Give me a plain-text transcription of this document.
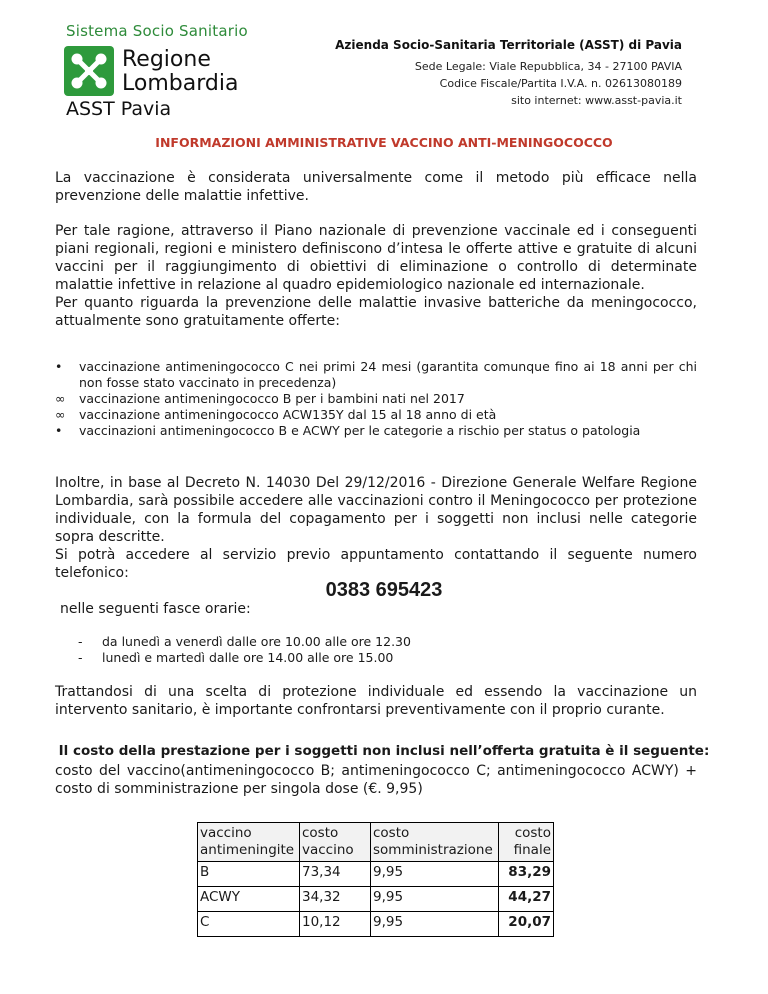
Sistema Socio Sanitario
Regione
Lombardia
ASST Pavia
Azienda Socio-Sanitaria Territoriale (ASST) di Pavia
Sede Legale: Viale Repubblica, 34 - 27100 PAVIA
Codice Fiscale/Partita I.V.A. n. 02613080189
sito internet: www.asst-pavia.it
INFORMAZIONI AMMINISTRATIVE VACCINO ANTI-MENINGOCOCCO
La vaccinazione è considerata universalmente come il metodo più efficace nella prevenzione delle malattie infettive.
Per tale ragione, attraverso il Piano nazionale di prevenzione vaccinale ed i conseguenti piani regionali, regioni e ministero definiscono d’intesa le offerte attive e gratuite di alcuni vaccini per il raggiungimento di obiettivi di eliminazione o controllo di determinate malattie infettive in relazione al quadro epidemiologico nazionale ed internazionale.
Per quanto riguarda la prevenzione delle malattie invasive batteriche da meningococco, attualmente sono gratuitamente offerte:
•	vaccinazione antimeningococco C nei primi 24 mesi (garantita comunque fino ai 18 anni per chi non fosse stato vaccinato in precedenza)
∞	vaccinazione antimeningococco B per i bambini nati nel 2017
∞	vaccinazione antimeningococco ACW135Y dal 15 al 18 anno di età
•	vaccinazioni antimeningococco B e ACWY per le categorie a rischio per status o patologia
Inoltre, in base al Decreto N. 14030 Del 29/12/2016 - Direzione Generale Welfare Regione Lombardia, sarà possibile accedere alle vaccinazioni contro il Meningococco per protezione individuale, con la formula del copagamento per i soggetti non inclusi nelle categorie sopra descritte.
Si potrà accedere al servizio previo appuntamento contattando il seguente numero telefonico:
0383 695423
nelle seguenti fasce orarie:
- da lunedì a venerdì dalle ore 10.00 alle ore 12.30
- lunedì e martedì dalle ore 14.00 alle ore 15.00
Trattandosi di una scelta di protezione individuale ed essendo la vaccinazione un intervento sanitario, è importante confrontarsi preventivamente con il proprio curante.
Il costo della prestazione per i soggetti non inclusi nell’offerta gratuita è il seguente:
costo del vaccino(antimeningococco B; antimeningococco C; antimeningococco ACWY) + costo di somministrazione per singola dose (€. 9,95)
vaccino antimeningite	costo vaccino	costo somministrazione	costo finale
B	73,34	9,95	83,29
ACWY	34,32	9,95	44,27
C	10,12	9,95	20,07
